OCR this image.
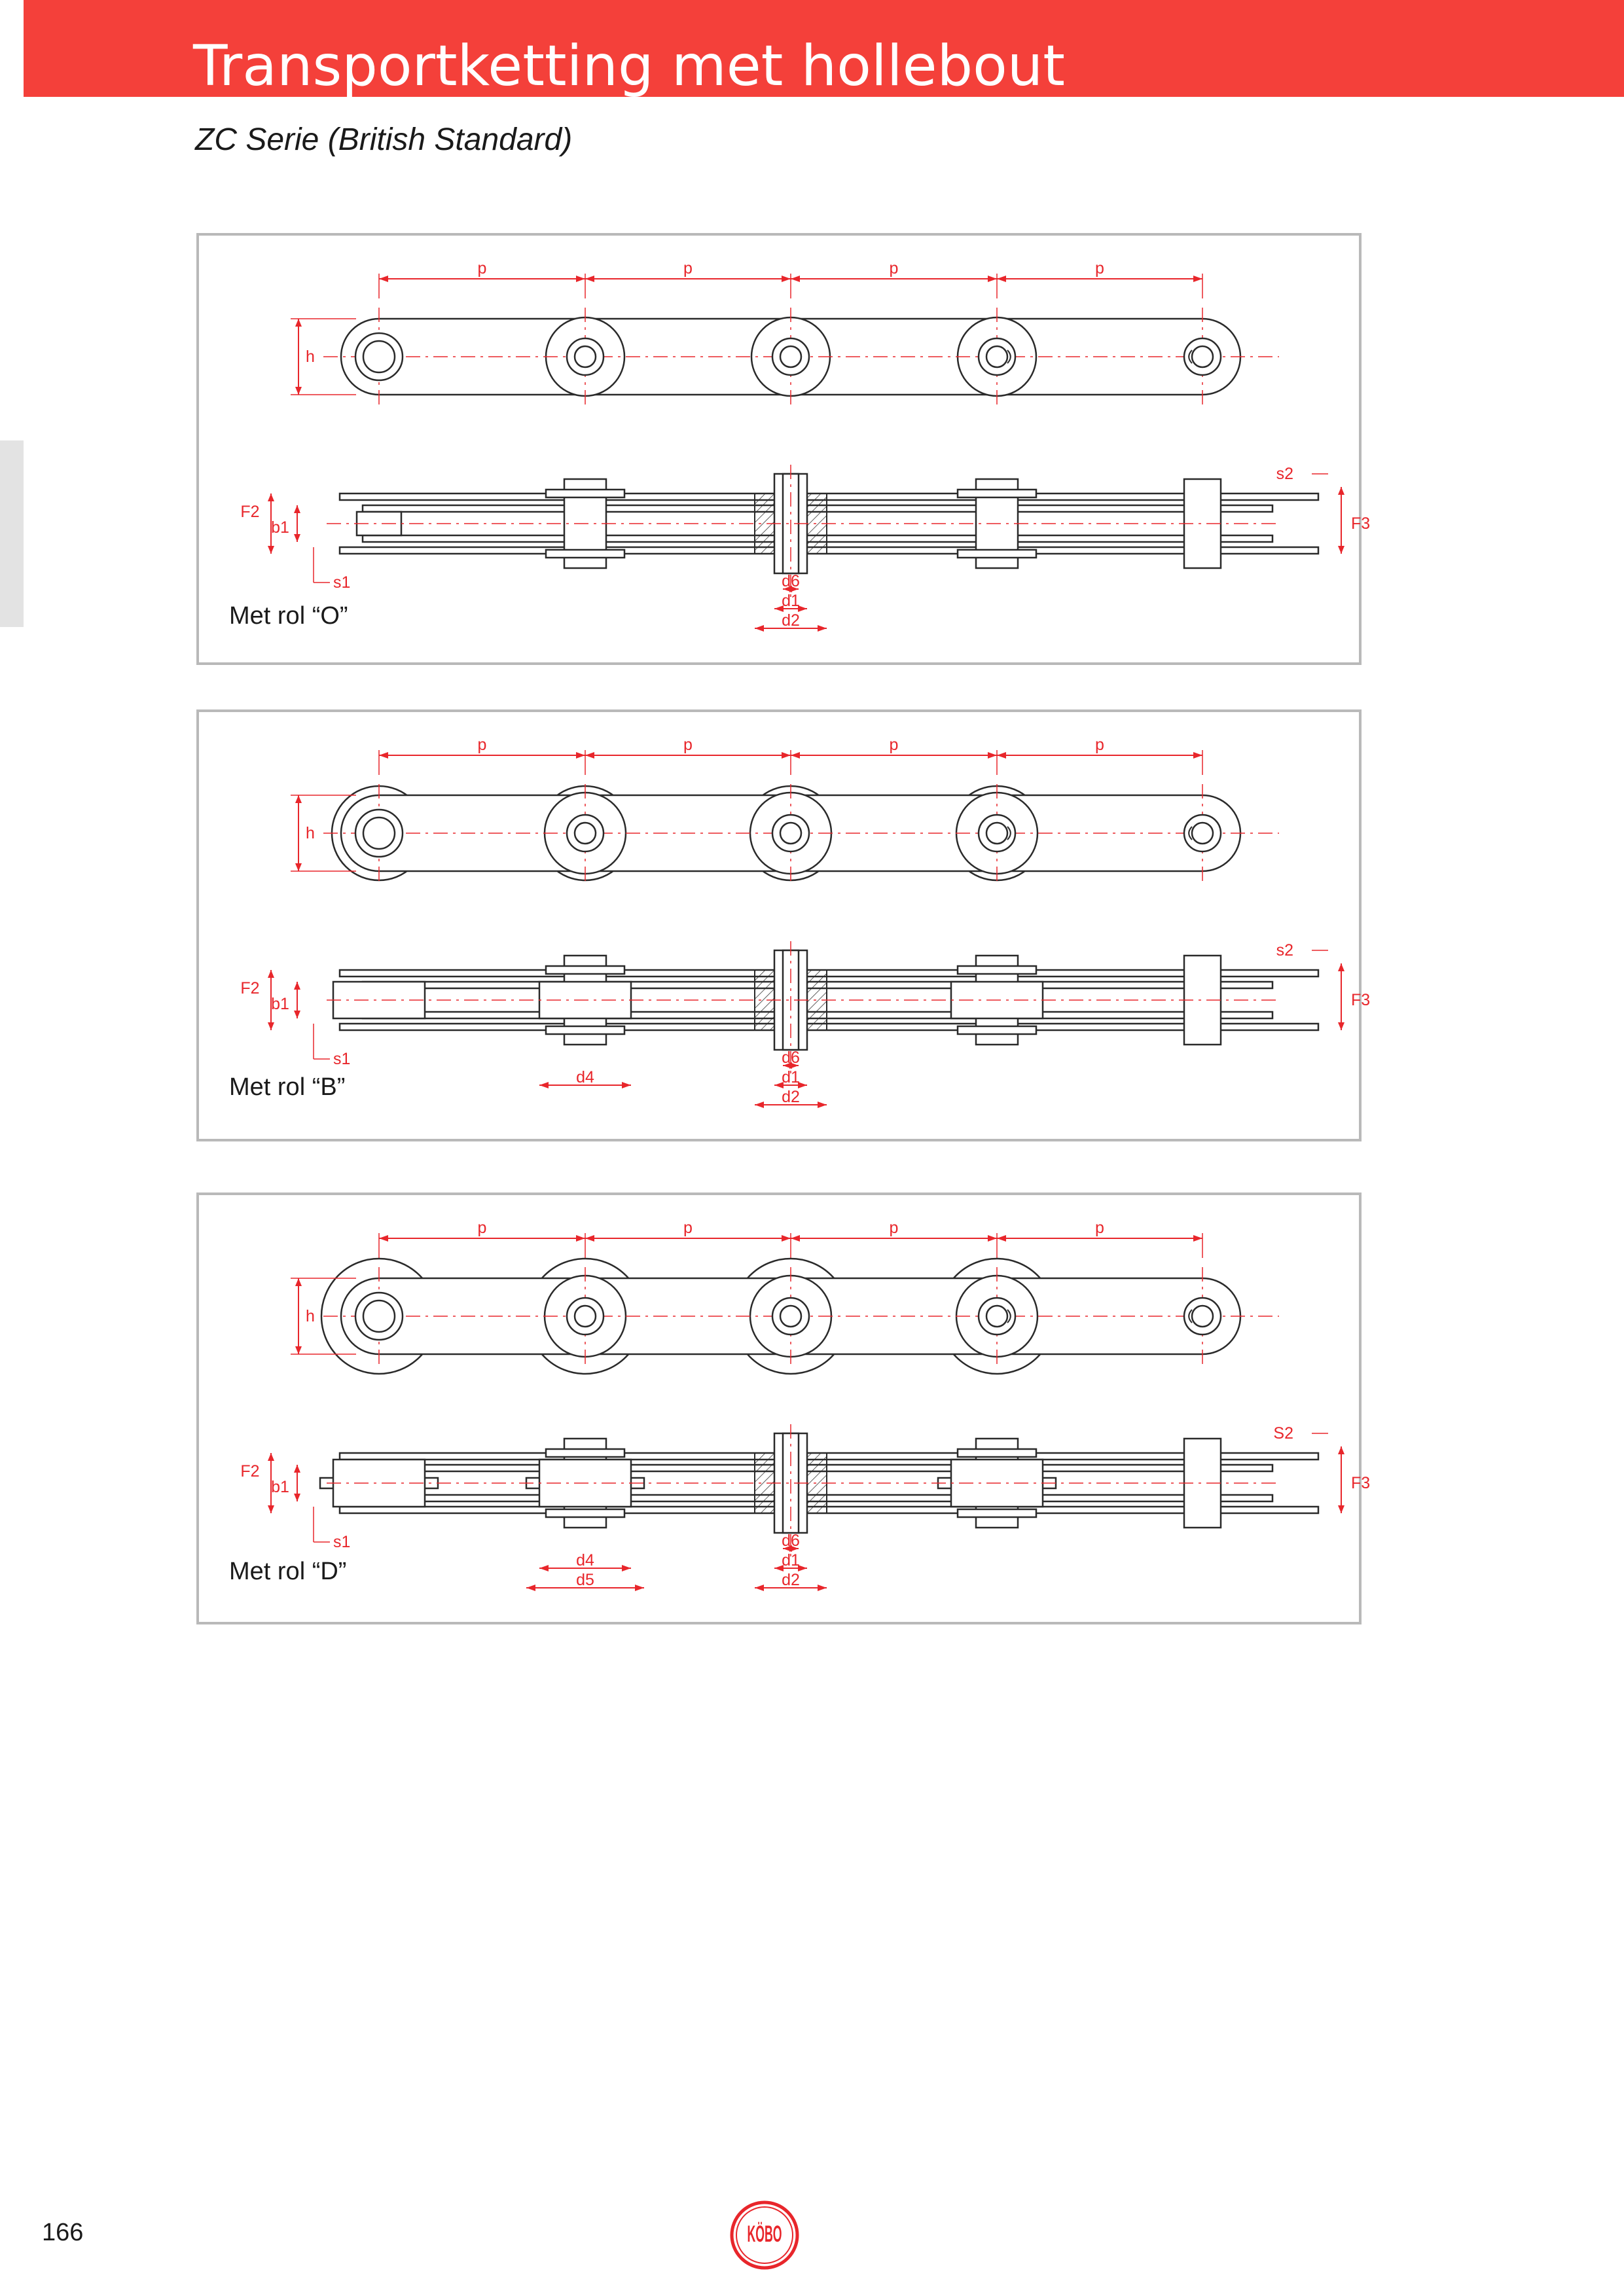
Transportketting met hollebout

ZC Serie (British Standard)

p	p	p	p
h
F2
b1
s1
F3
s2
d6
d1
d2
Met rol “O”
p	p	p	p
h
F2
b1
s1
F3
s2
d6
d1
d2
d4
Met rol “B”
p	p	p	p
h
F2
b1
s1
F3
S2
d6
d1
d2
d4
d5
Met rol “D”
166	KÖBO
